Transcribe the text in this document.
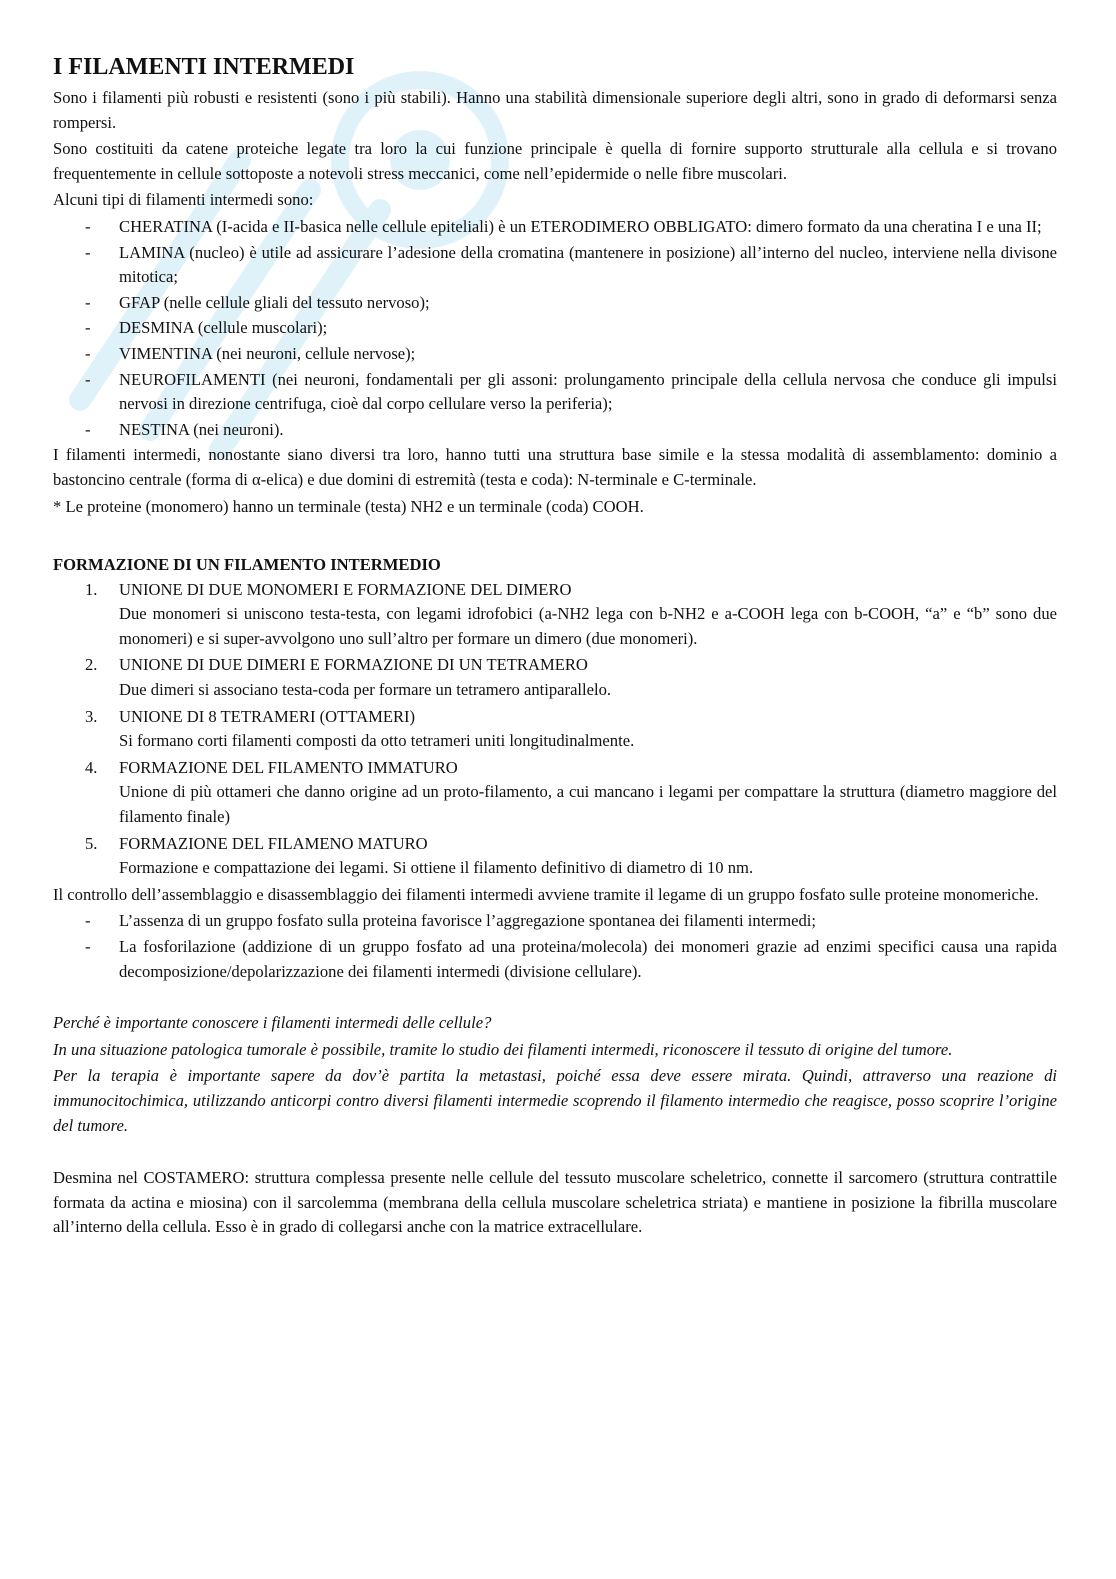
I FILAMENTI INTERMEDI

Sono i filamenti più robusti e resistenti (sono i più stabili). Hanno una stabilità dimensionale superiore degli altri, sono in grado di deformarsi senza rompersi.

Sono costituiti da catene proteiche legate tra loro la cui funzione principale è quella di fornire supporto strutturale alla cellula e si trovano frequentemente in cellule sottoposte a notevoli stress meccanici, come nell’epidermide o nelle fibre muscolari.

Alcuni tipi di filamenti intermedi sono:

- CHERATINA (I-acida e II-basica nelle cellule epiteliali) è un ETERODIMERO OBBLIGATO: dimero formato da una cheratina I e una II;
- LAMINA (nucleo) è utile ad assicurare l’adesione della cromatina (mantenere in posizione) all’interno del nucleo, interviene nella divisone mitotica;
- GFAP (nelle cellule gliali del tessuto nervoso);
- DESMINA (cellule muscolari);
- VIMENTINA (nei neuroni, cellule nervose);
- NEUROFILAMENTI (nei neuroni, fondamentali per gli assoni: prolungamento principale della cellula nervosa che conduce gli impulsi nervosi in direzione centrifuga, cioè dal corpo cellulare verso la periferia);
- NESTINA (nei neuroni).

I filamenti intermedi, nonostante siano diversi tra loro, hanno tutti una struttura base simile e la stessa modalità di assemblamento: dominio a bastoncino centrale (forma di α-elica) e due domini di estremità (testa e coda): N-terminale e C-terminale.

* Le proteine (monomero) hanno un terminale (testa) NH2 e un terminale (coda) COOH.

FORMAZIONE DI UN FILAMENTO INTERMEDIO
1. UNIONE DI DUE MONOMERI E FORMAZIONE DEL DIMERO
Due monomeri si uniscono testa-testa, con legami idrofobici (a-NH2 lega con b-NH2 e a-COOH lega con b-COOH, “a” e “b” sono due monomeri) e si super-avvolgono uno sull’altro per formare un dimero (due monomeri).
2. UNIONE DI DUE DIMERI E FORMAZIONE DI UN TETRAMERO
Due dimeri si associano testa-coda per formare un tetramero antiparallelo.
3. UNIONE DI 8 TETRAMERI (OTTAMERI)
Si formano corti filamenti composti da otto tetrameri uniti longitudinalmente.
4. FORMAZIONE DEL FILAMENTO IMMATURO
Unione di più ottameri che danno origine ad un proto-filamento, a cui mancano i legami per compattare la struttura (diametro maggiore del filamento finale)
5. FORMAZIONE DEL FILAMENO MATURO
Formazione e compattazione dei legami. Si ottiene il filamento definitivo di diametro di 10 nm.

Il controllo dell’assemblaggio e disassemblaggio dei filamenti intermedi avviene tramite il legame di un gruppo fosfato sulle proteine monomeriche.

- L’assenza di un gruppo fosfato sulla proteina favorisce l’aggregazione spontanea dei filamenti intermedi;
- La fosforilazione (addizione di un gruppo fosfato ad una proteina/molecola) dei monomeri grazie ad enzimi specifici causa una rapida decomposizione/depolarizzazione dei filamenti intermedi (divisione cellulare).

Perché è importante conoscere i filamenti intermedi delle cellule?

In una situazione patologica tumorale è possibile, tramite lo studio dei filamenti intermedi, riconoscere il tessuto di origine del tumore.

Per la terapia è importante sapere da dov’è partita la metastasi, poiché essa deve essere mirata. Quindi, attraverso una reazione di immunocitochimica, utilizzando anticorpi contro diversi filamenti intermedie scoprendo il filamento intermedio che reagisce, posso scoprire l’origine del tumore.

Desmina nel COSTAMERO: struttura complessa presente nelle cellule del tessuto muscolare scheletrico, connette il sarcomero (struttura contrattile formata da actina e miosina) con il sarcolemma (membrana della cellula muscolare scheletrica striata) e mantiene in posizione la fibrilla muscolare all’interno della cellula. Esso è in grado di collegarsi anche con la matrice extracellulare.
